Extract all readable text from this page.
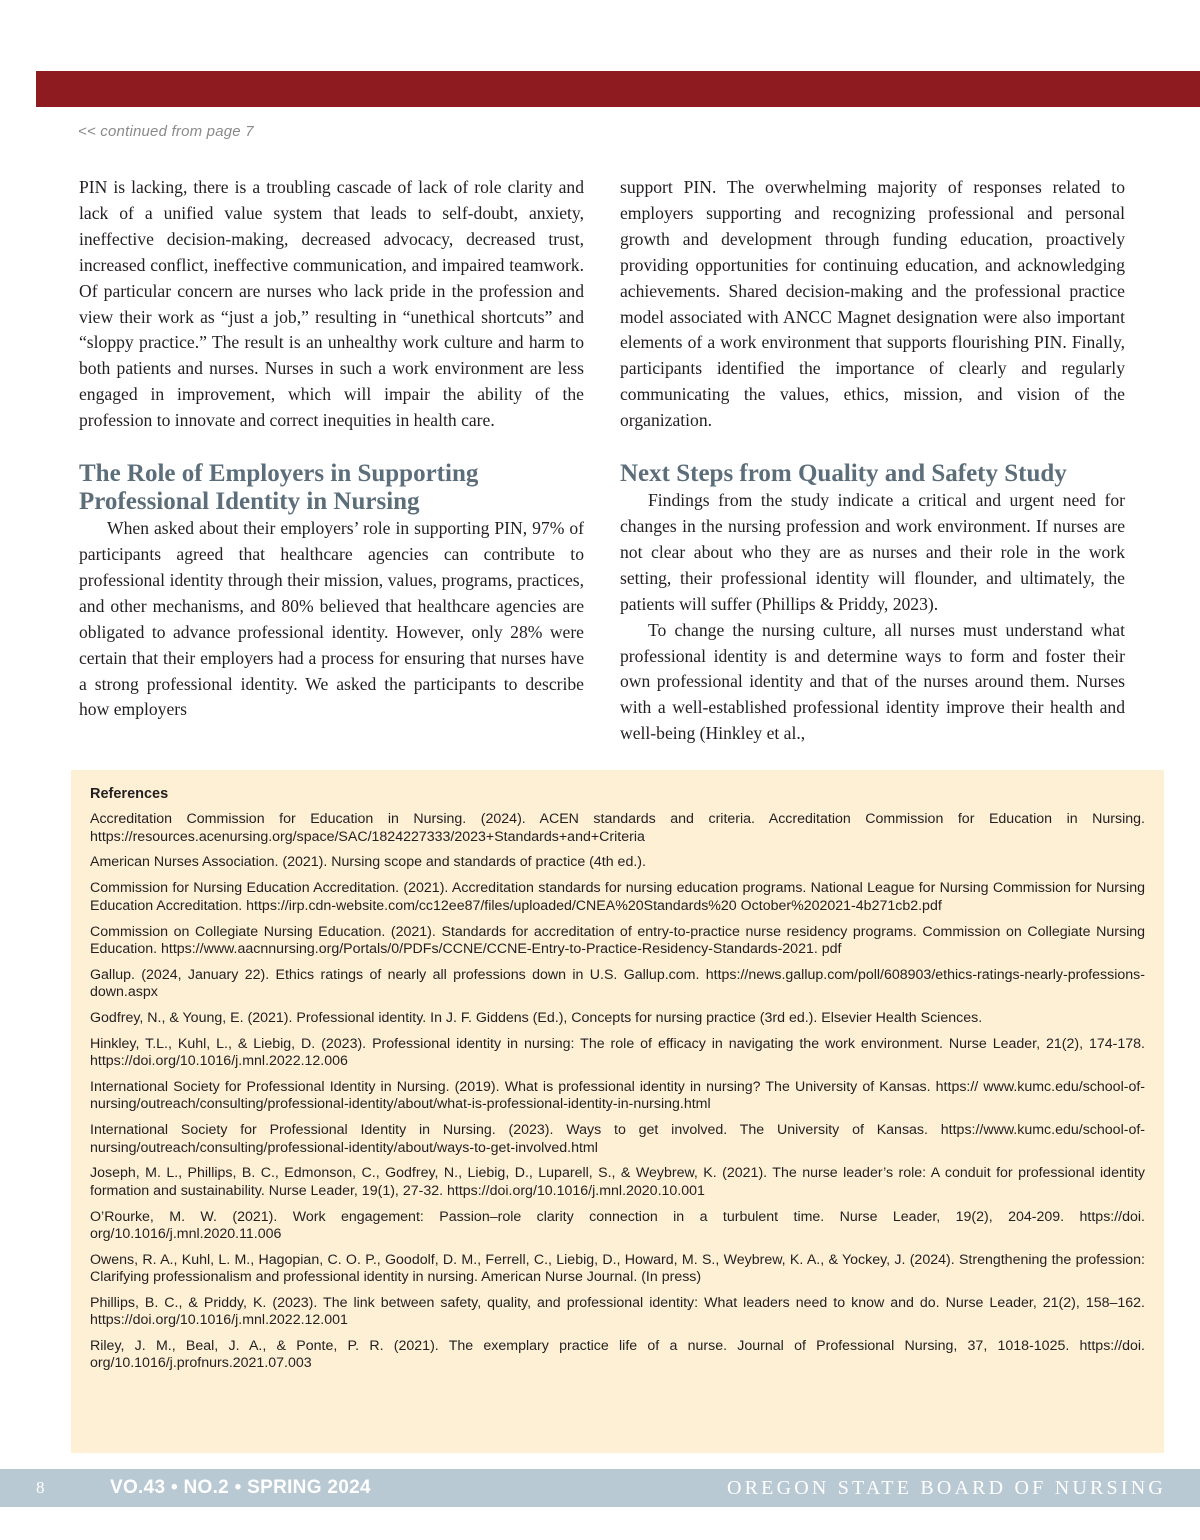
<< continued from page 7

PIN is lacking, there is a troubling cascade of lack of role clarity and lack of a unified value system that leads to self-doubt, anxiety, ineffective decision-making, decreased advocacy, decreased trust, increased conflict, ineffective communication, and impaired teamwork. Of particular concern are nurses who lack pride in the profession and view their work as “just a job,” resulting in “unethical shortcuts” and “sloppy practice.” The result is an unhealthy work culture and harm to both patients and nurses. Nurses in such a work environment are less engaged in improvement, which will impair the ability of the profession to innovate and correct inequities in health care.

The Role of Employers in Supporting Professional Identity in Nursing

When asked about their employers’ role in supporting PIN, 97% of participants agreed that healthcare agencies can contribute to professional identity through their mission, values, programs, practices, and other mechanisms, and 80% believed that healthcare agencies are obligated to advance professional identity. However, only 28% were certain that their employers had a process for ensuring that nurses have a strong professional identity. We asked the participants to describe how employers

support PIN. The overwhelming majority of responses related to employers supporting and recognizing professional and personal growth and development through funding education, proactively providing opportunities for continuing education, and acknowledging achievements. Shared decision-making and the professional practice model associated with ANCC Magnet designation were also important elements of a work environment that supports flourishing PIN. Finally, participants identified the importance of clearly and regularly communicating the values, ethics, mission, and vision of the organization.

Next Steps from Quality and Safety Study

Findings from the study indicate a critical and urgent need for changes in the nursing profession and work environment. If nurses are not clear about who they are as nurses and their role in the work setting, their professional identity will flounder, and ultimately, the patients will suffer (Phillips & Priddy, 2023).

To change the nursing culture, all nurses must understand what professional identity is and determine ways to form and foster their own professional identity and that of the nurses around them. Nurses with a well-established professional identity improve their health and well-being (Hinkley et al.,

References
Accreditation Commission for Education in Nursing. (2024). ACEN standards and criteria. Accreditation Commission for Education in Nursing. https://resources.acenursing.org/space/SAC/1824227333/2023+Standards+and+Criteria
American Nurses Association. (2021). Nursing scope and standards of practice (4th ed.).
Commission for Nursing Education Accreditation. (2021). Accreditation standards for nursing education programs. National League for Nursing Commission for Nursing Education Accreditation. https://irp.cdn-website.com/cc12ee87/files/uploaded/CNEA%20Standards%20 October%202021-4b271cb2.pdf
Commission on Collegiate Nursing Education. (2021). Standards for accreditation of entry-to-practice nurse residency programs. Commission on Collegiate Nursing Education. https://www.aacnnursing.org/Portals/0/PDFs/CCNE/CCNE-Entry-to-Practice-Residency-Standards-2021. pdf
Gallup. (2024, January 22). Ethics ratings of nearly all professions down in U.S. Gallup.com. https://news.gallup.com/poll/608903/ethics-ratings-nearly-professions-down.aspx
Godfrey, N., & Young, E. (2021). Professional identity. In J. F. Giddens (Ed.), Concepts for nursing practice (3rd ed.). Elsevier Health Sciences.
Hinkley, T.L., Kuhl, L., & Liebig, D. (2023). Professional identity in nursing: The role of efficacy in navigating the work environment. Nurse Leader, 21(2), 174-178. https://doi.org/10.1016/j.mnl.2022.12.006
International Society for Professional Identity in Nursing. (2019). What is professional identity in nursing? The University of Kansas. https:// www.kumc.edu/school-of-nursing/outreach/consulting/professional-identity/about/what-is-professional-identity-in-nursing.html
International Society for Professional Identity in Nursing. (2023). Ways to get involved. The University of Kansas. https://www.kumc.edu/school-of-nursing/outreach/consulting/professional-identity/about/ways-to-get-involved.html
Joseph, M. L., Phillips, B. C., Edmonson, C., Godfrey, N., Liebig, D., Luparell, S., & Weybrew, K. (2021). The nurse leader’s role: A conduit for professional identity formation and sustainability. Nurse Leader, 19(1), 27-32. https://doi.org/10.1016/j.mnl.2020.10.001
O’Rourke, M. W. (2021). Work engagement: Passion–role clarity connection in a turbulent time. Nurse Leader, 19(2), 204-209. https://doi. org/10.1016/j.mnl.2020.11.006
Owens, R. A., Kuhl, L. M., Hagopian, C. O. P., Goodolf, D. M., Ferrell, C., Liebig, D., Howard, M. S., Weybrew, K. A., & Yockey, J. (2024). Strengthening the profession: Clarifying professionalism and professional identity in nursing. American Nurse Journal. (In press)
Phillips, B. C., & Priddy, K. (2023). The link between safety, quality, and professional identity: What leaders need to know and do. Nurse Leader, 21(2), 158–162. https://doi.org/10.1016/j.mnl.2022.12.001
Riley, J. M., Beal, J. A., & Ponte, P. R. (2021). The exemplary practice life of a nurse. Journal of Professional Nursing, 37, 1018-1025. https://doi. org/10.1016/j.profnurs.2021.07.003
8	VO.43 • NO.2 • SPRING 2024	OREGON STATE BOARD OF NURSING
